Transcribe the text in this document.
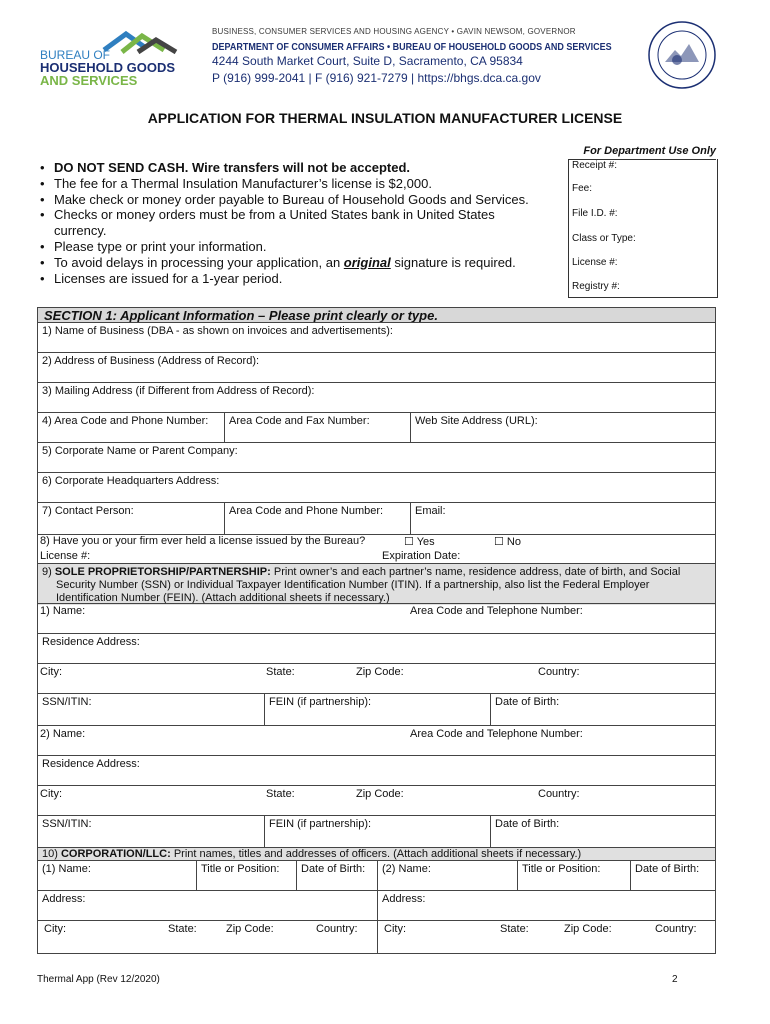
BUREAU OF
HOUSEHOLD GOODS
AND SERVICES
BUSINESS, CONSUMER SERVICES AND HOUSING AGENCY • GAVIN NEWSOM, GOVERNOR
DEPARTMENT OF CONSUMER AFFAIRS • BUREAU OF HOUSEHOLD GOODS AND SERVICES
4244 South Market Court, Suite D, Sacramento, CA 95834
P (916) 999-2041 | F (916) 921-7279 | https://bhgs.dca.ca.gov
APPLICATION FOR THERMAL INSULATION MANUFACTURER LICENSE
• DO NOT SEND CASH. Wire transfers will not be accepted.
• The fee for a Thermal Insulation Manufacturer’s license is $2,000.
• Make check or money order payable to Bureau of Household Goods and Services.
• Checks or money orders must be from a United States bank in United States
currency.
• Please type or print your information.
• To avoid delays in processing your application, an original signature is required.
• Licenses are issued for a 1-year period.
For Department Use Only
Receipt #:
Fee:
File I.D. #:
Class or Type:
License #:
Registry #:
SECTION 1: Applicant Information – Please print clearly or type.
1) Name of Business (DBA - as shown on invoices and advertisements):
2) Address of Business (Address of Record):
3) Mailing Address (if Different from Address of Record):
4) Area Code and Phone Number:	Area Code and Fax Number:	Web Site Address (URL):
5) Corporate Name or Parent Company:
6) Corporate Headquarters Address:
7) Contact Person:	Area Code and Phone Number:	Email:
8) Have you or your firm ever held a license issued by the Bureau?	☐ Yes	☐ No
License #:	Expiration Date:
9) SOLE PROPRIETORSHIP/PARTNERSHIP: Print owner’s and each partner’s name, residence address, date of birth, and Social
Security Number (SSN) or Individual Taxpayer Identification Number (ITIN). If a partnership, also list the Federal Employer
Identification Number (FEIN). (Attach additional sheets if necessary.)
1) Name:	Area Code and Telephone Number:
Residence Address:
City:	State:	Zip Code:	Country:
SSN/ITIN:	FEIN (if partnership):	Date of Birth:
2) Name:	Area Code and Telephone Number:
Residence Address:
City:	State:	Zip Code:	Country:
SSN/ITIN:	FEIN (if partnership):	Date of Birth:
10) CORPORATION/LLC: Print names, titles and addresses of officers. (Attach additional sheets if necessary.)
(1) Name:	Title or Position:	Date of Birth:	(2) Name:	Title or Position:	Date of Birth:
Address:	Address:
City:	State:	Zip Code:	Country: City:	State:	Zip Code:	Country:
Thermal App (Rev 12/2020)	2
